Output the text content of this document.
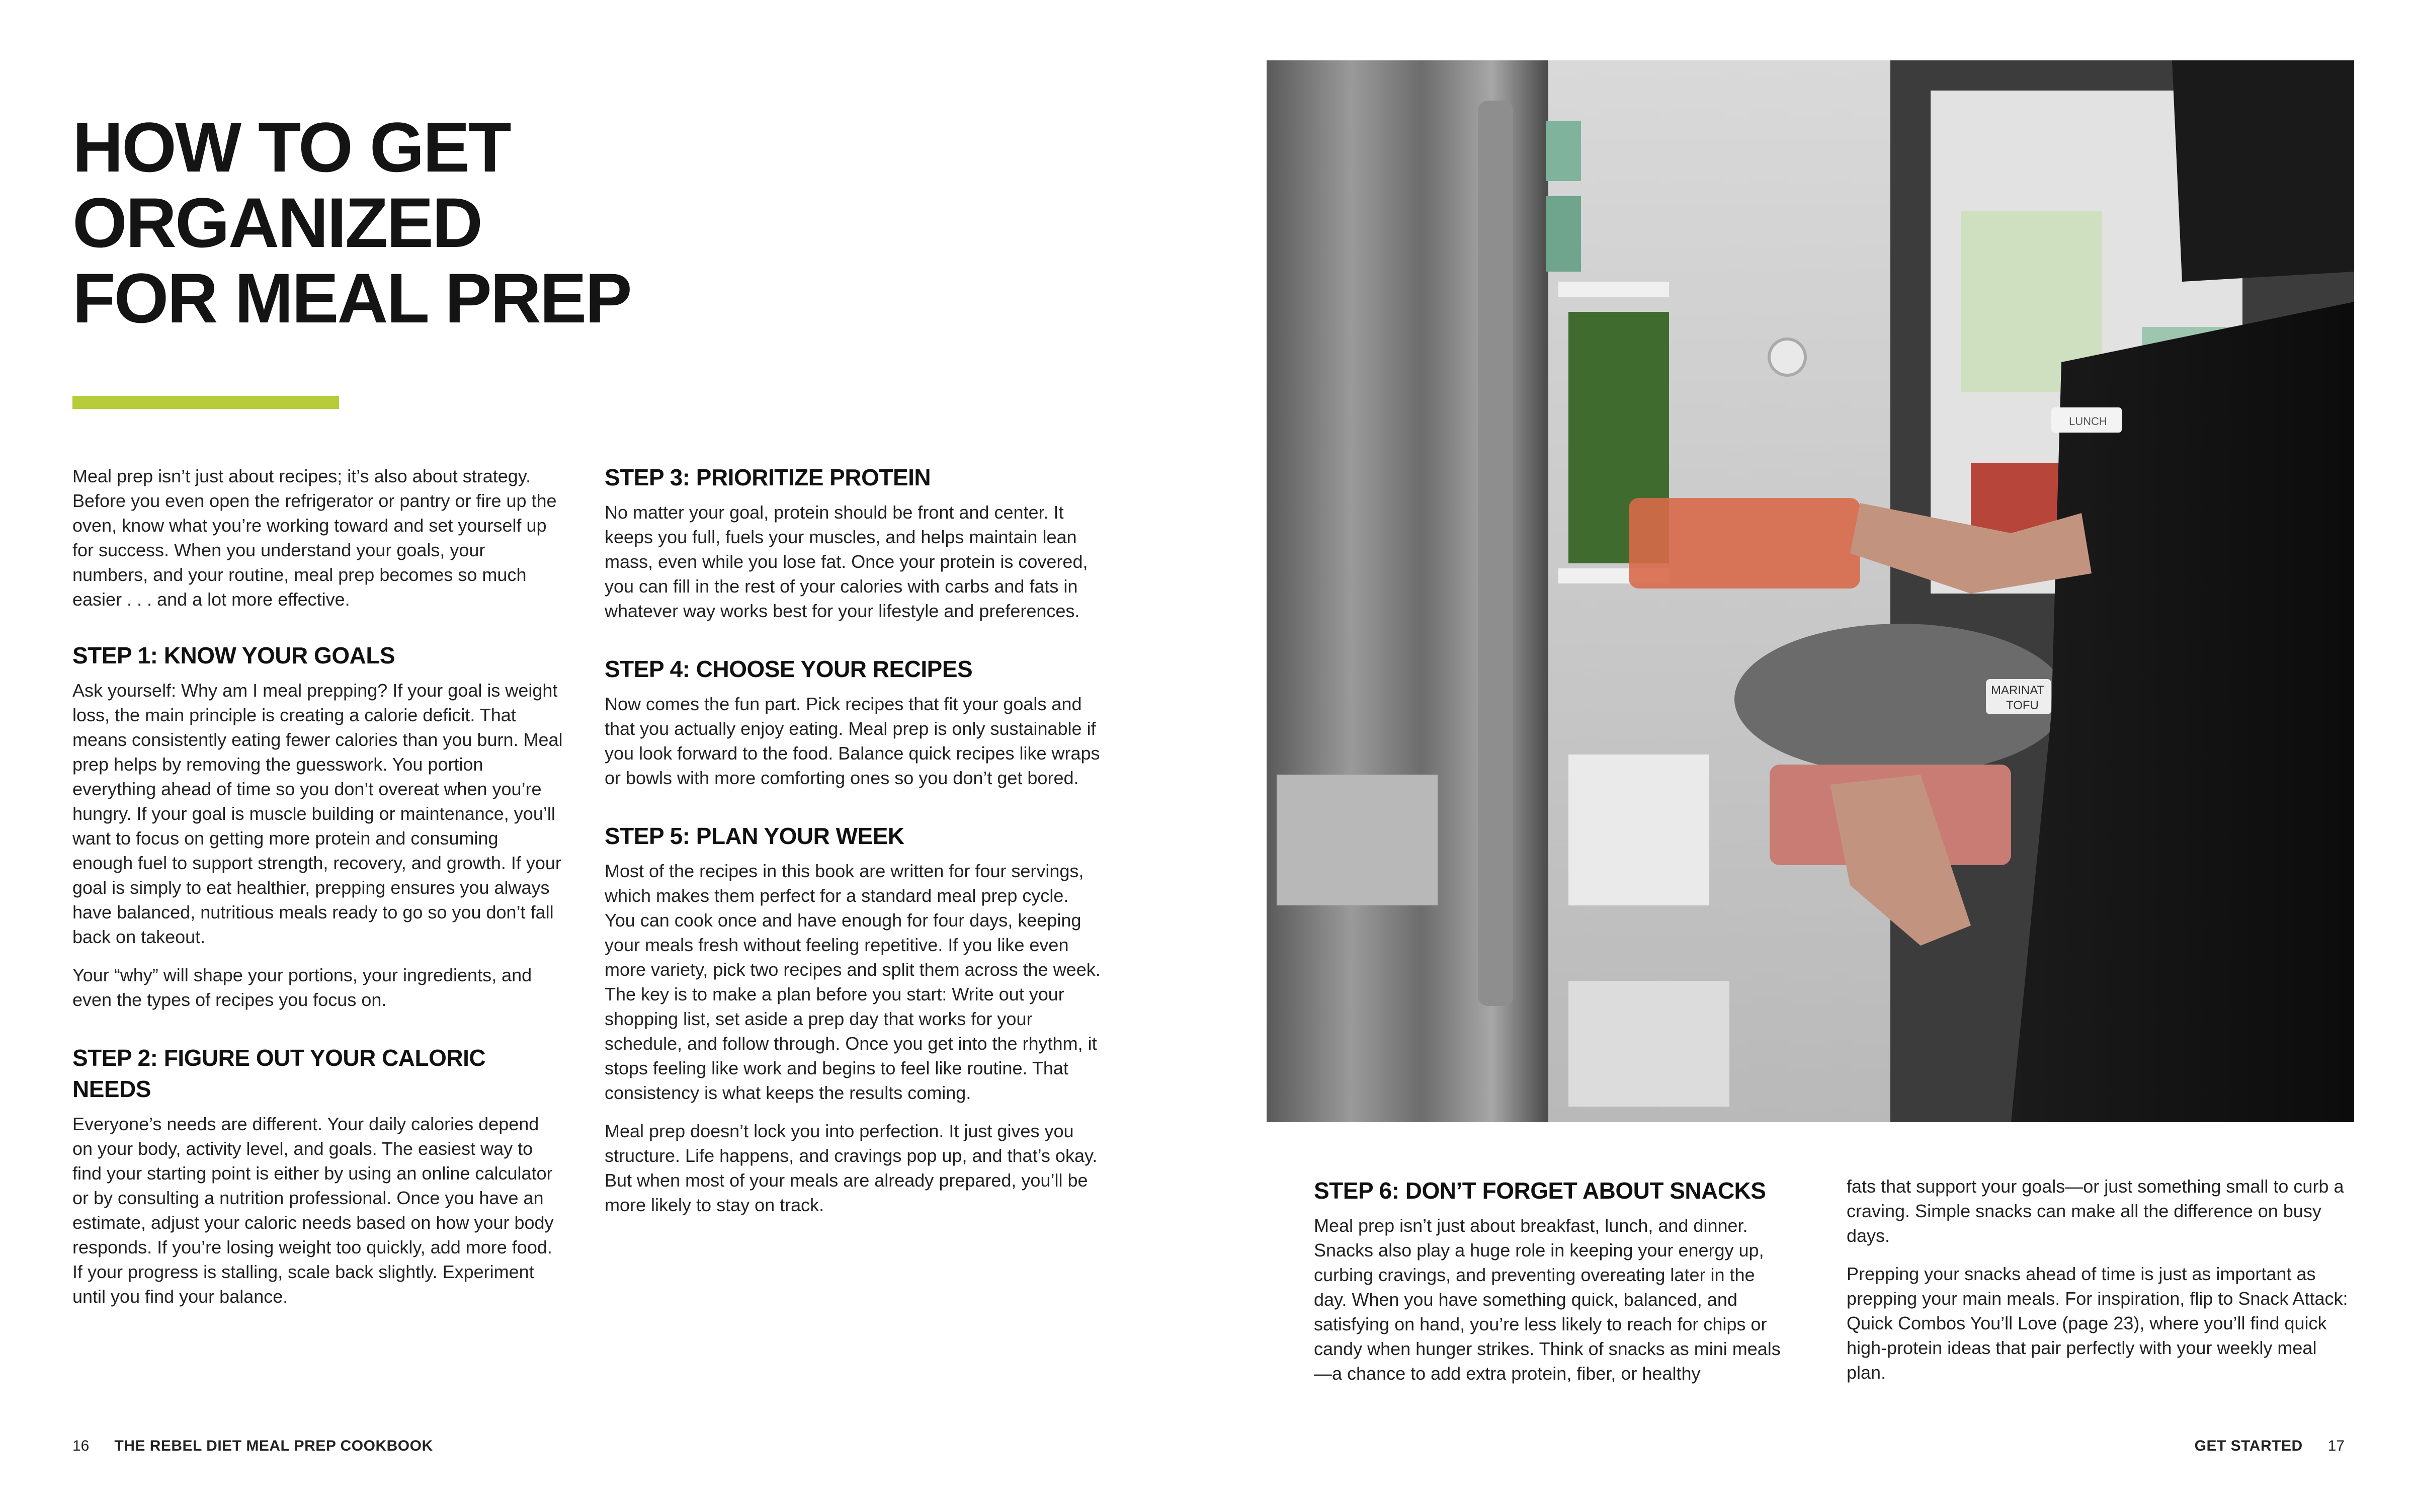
HOW TO GET
ORGANIZED
FOR MEAL PREP

Meal prep isn’t just about recipes; it’s also about strategy. Before you even open the refrigerator or pantry or fire up the oven, know what you’re working toward and set yourself up for success. When you understand your goals, your numbers, and your routine, meal prep becomes so much easier . . . and a lot more effective.

STEP 1: KNOW YOUR GOALS

Ask yourself: Why am I meal prepping? If your goal is weight loss, the main principle is creating a calorie deficit. That means consistently eating fewer calories than you burn. Meal prep helps by removing the guesswork. You portion everything ahead of time so you don’t overeat when you’re hungry. If your goal is muscle building or maintenance, you’ll want to focus on getting more protein and consuming enough fuel to support strength, recovery, and growth. If your goal is simply to eat healthier, prepping ensures you always have balanced, nutritious meals ready to go so you don’t fall back on takeout.

Your “why” will shape your portions, your ingredients, and even the types of recipes you focus on.

STEP 2: FIGURE OUT YOUR CALORIC NEEDS

Everyone’s needs are different. Your daily calories depend on your body, activity level, and goals. The easiest way to find your starting point is either by using an online calculator or by consulting a nutrition professional. Once you have an estimate, adjust your caloric needs based on how your body responds. If you’re losing weight too quickly, add more food. If your progress is stalling, scale back slightly. Experiment until you find your balance.

STEP 3: PRIORITIZE PROTEIN

No matter your goal, protein should be front and center. It keeps you full, fuels your muscles, and helps maintain lean mass, even while you lose fat. Once your protein is covered, you can fill in the rest of your calories with carbs and fats in whatever way works best for your lifestyle and preferences.

STEP 4: CHOOSE YOUR RECIPES

Now comes the fun part. Pick recipes that fit your goals and that you actually enjoy eating. Meal prep is only sustainable if you look forward to the food. Balance quick recipes like wraps or bowls with more comforting ones so you don’t get bored.

STEP 5: PLAN YOUR WEEK

Most of the recipes in this book are written for four servings, which makes them perfect for a standard meal prep cycle. You can cook once and have enough for four days, keeping your meals fresh without feeling repetitive. If you like even more variety, pick two recipes and split them across the week. The key is to make a plan before you start: Write out your shopping list, set aside a prep day that works for your schedule, and follow through. Once you get into the rhythm, it stops feeling like work and begins to feel like routine. That consistency is what keeps the results coming.

Meal prep doesn’t lock you into perfection. It just gives you structure. Life happens, and cravings pop up, and that’s okay. But when most of your meals are already prepared, you’ll be more likely to stay on track.

16 THE REBEL DIET MEAL PREP COOKBOOK
MARINAT
TOFU
LUNCH
STEP 6: DON’T FORGET ABOUT SNACKS

Meal prep isn’t just about breakfast, lunch, and dinner. Snacks also play a huge role in keeping your energy up, curbing cravings, and preventing overeating later in the day. When you have something quick, balanced, and satisfying on hand, you’re less likely to reach for chips or candy when hunger strikes. Think of snacks as mini meals—a chance to add extra protein, fiber, or healthy

fats that support your goals—or just something small to curb a craving. Simple snacks can make all the difference on busy days.

Prepping your snacks ahead of time is just as important as prepping your main meals. For inspiration, flip to Snack Attack: Quick Combos You’ll Love (page 23), where you’ll find quick high-protein ideas that pair perfectly with your weekly meal plan.

GET STARTED 17
